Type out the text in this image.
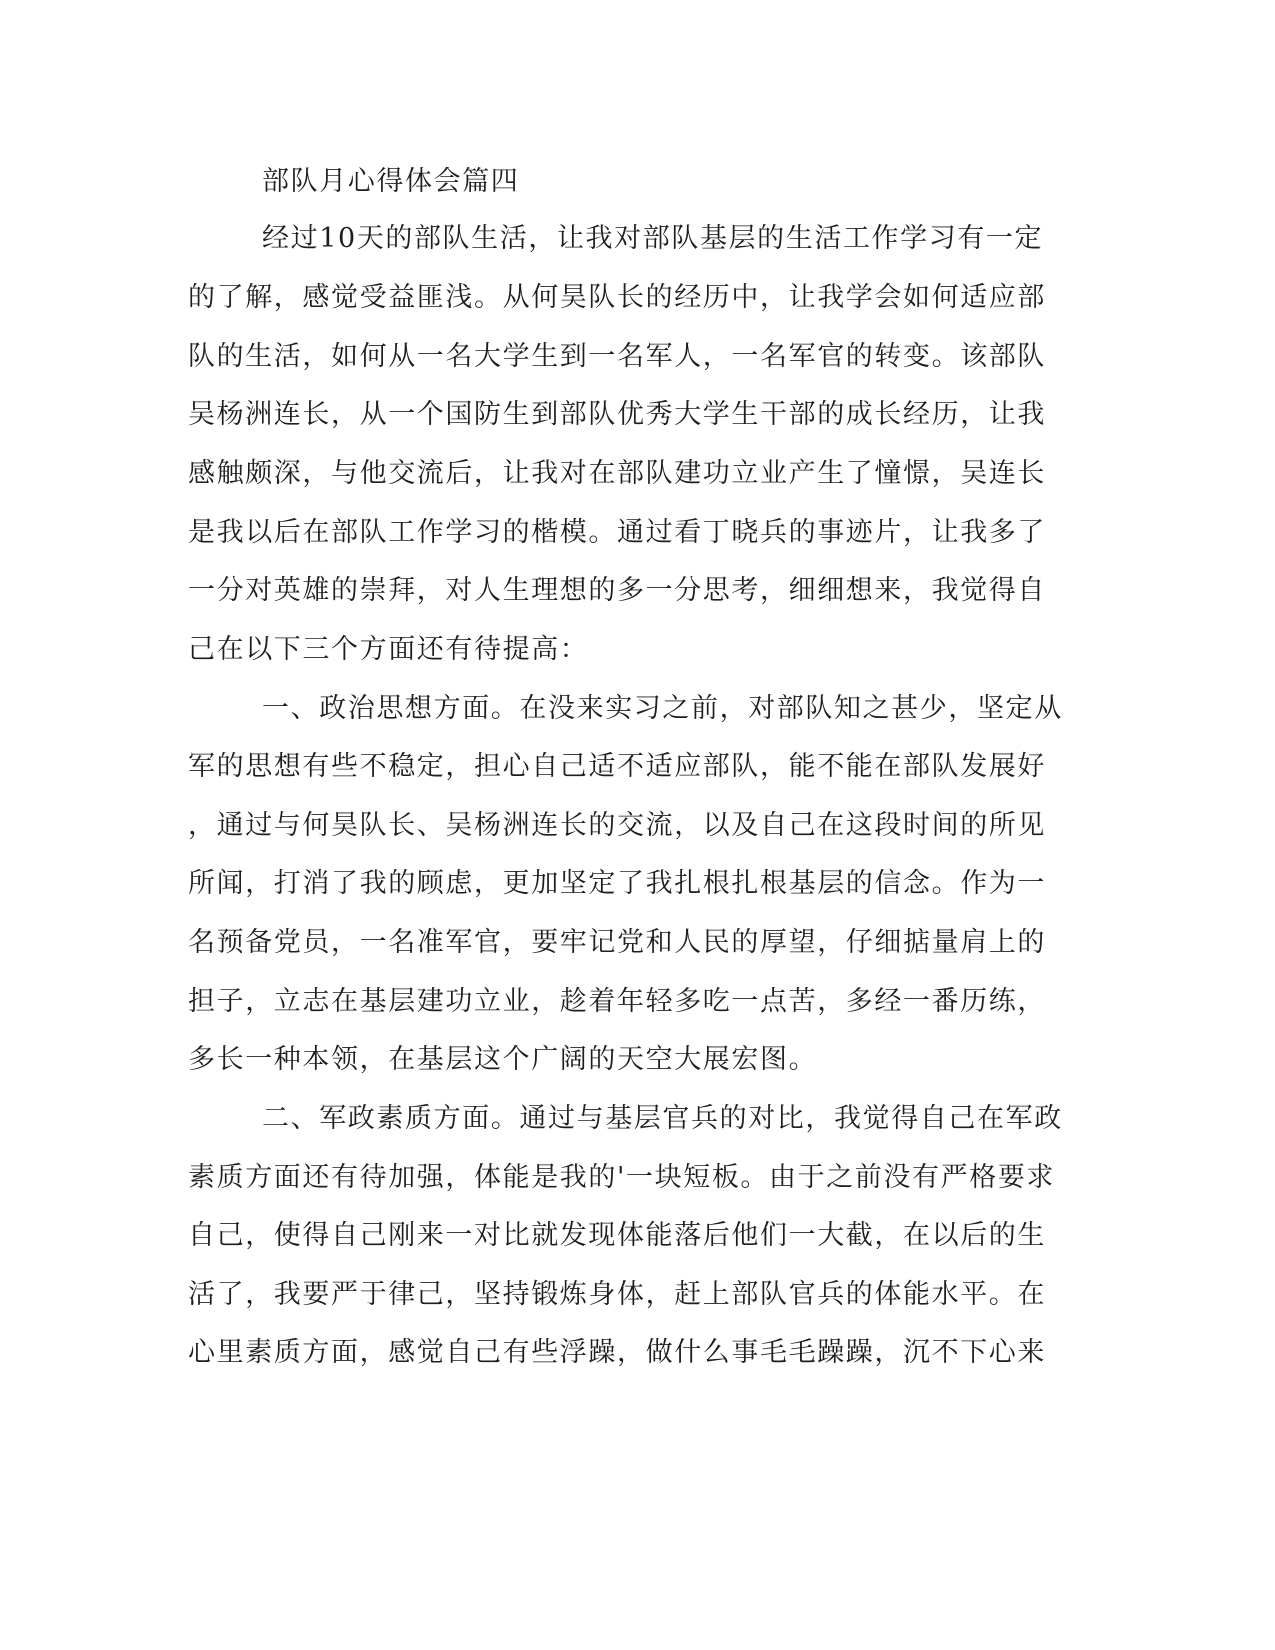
部队月心得体会篇四
经过10天的部队生活，让我对部队基层的生活工作学习有一定
的了解，感觉受益匪浅。从何昊队长的经历中，让我学会如何适应部
队的生活，如何从一名大学生到一名军人，一名军官的转变。该部队
吴杨洲连长，从一个国防生到部队优秀大学生干部的成长经历，让我
感触颇深，与他交流后，让我对在部队建功立业产生了憧憬，吴连长
是我以后在部队工作学习的楷模。通过看丁晓兵的事迹片，让我多了
一分对英雄的崇拜，对人生理想的多一分思考，细细想来，我觉得自
己在以下三个方面还有待提高：
一、政治思想方面。在没来实习之前，对部队知之甚少，坚定从
军的思想有些不稳定，担心自己适不适应部队，能不能在部队发展好
，通过与何昊队长、吴杨洲连长的交流，以及自己在这段时间的所见
所闻，打消了我的顾虑，更加坚定了我扎根扎根基层的信念。作为一
名预备党员，一名准军官，要牢记党和人民的厚望，仔细掂量肩上的
担子，立志在基层建功立业，趁着年轻多吃一点苦，多经一番历练，
多长一种本领，在基层这个广阔的天空大展宏图。
二、军政素质方面。通过与基层官兵的对比，我觉得自己在军政
素质方面还有待加强，体能是我的'一块短板。由于之前没有严格要求
自己，使得自己刚来一对比就发现体能落后他们一大截，在以后的生
活了，我要严于律己，坚持锻炼身体，赶上部队官兵的体能水平。在
心里素质方面，感觉自己有些浮躁，做什么事毛毛躁躁，沉不下心来
